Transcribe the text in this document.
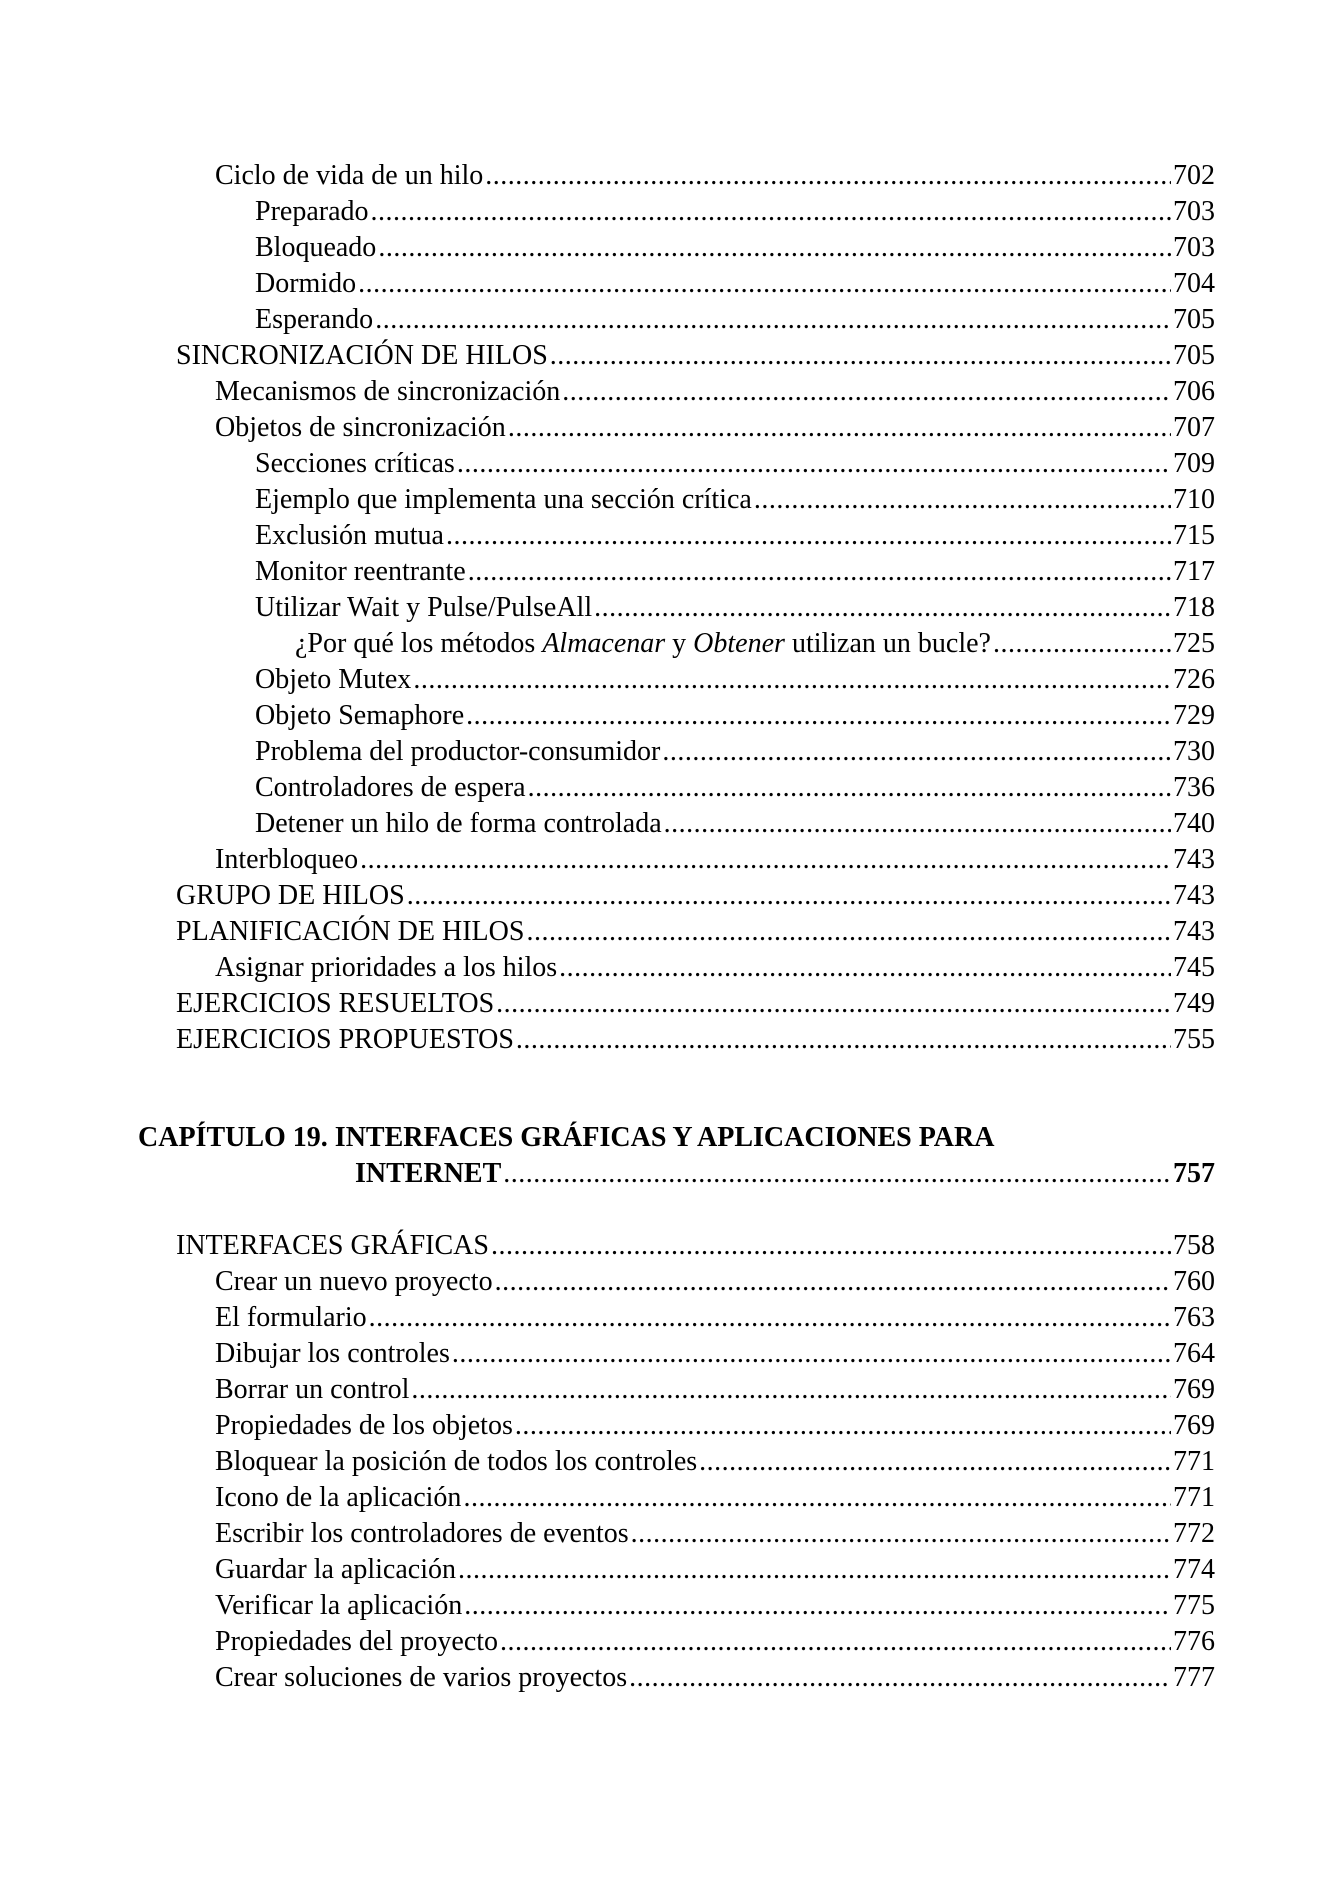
Ciclo de vida de un hilo .....	702
Preparado .....	703
Bloqueado .....	703
Dormido .....	704
Esperando .....	705
SINCRONIZACIÓN DE HILOS .....	705
Mecanismos de sincronización .....	706
Objetos de sincronización .....	707
Secciones críticas .....	709
Ejemplo que implementa una sección crítica .....	710
Exclusión mutua .....	715
Monitor reentrante .....	717
Utilizar Wait y Pulse/PulseAll .....	718
¿Por qué los métodos Almacenar y Obtener utilizan un bucle? .....	725
Objeto Mutex .....	726
Objeto Semaphore .....	729
Problema del productor-consumidor .....	730
Controladores de espera .....	736
Detener un hilo de forma controlada .....	740
Interbloqueo .....	743
GRUPO DE HILOS .....	743
PLANIFICACIÓN DE HILOS .....	743
Asignar prioridades a los hilos .....	745
EJERCICIOS RESUELTOS .....	749
EJERCICIOS PROPUESTOS .....	755
CAPÍTULO 19. INTERFACES GRÁFICAS Y APLICACIONES PARA
INTERNET .....	757
INTERFACES GRÁFICAS .....	758
Crear un nuevo proyecto .....	760
El formulario .....	763
Dibujar los controles .....	764
Borrar un control .....	769
Propiedades de los objetos .....	769
Bloquear la posición de todos los controles .....	771
Icono de la aplicación .....	771
Escribir los controladores de eventos .....	772
Guardar la aplicación .....	774
Verificar la aplicación .....	775
Propiedades del proyecto .....	776
Crear soluciones de varios proyectos .....	777
